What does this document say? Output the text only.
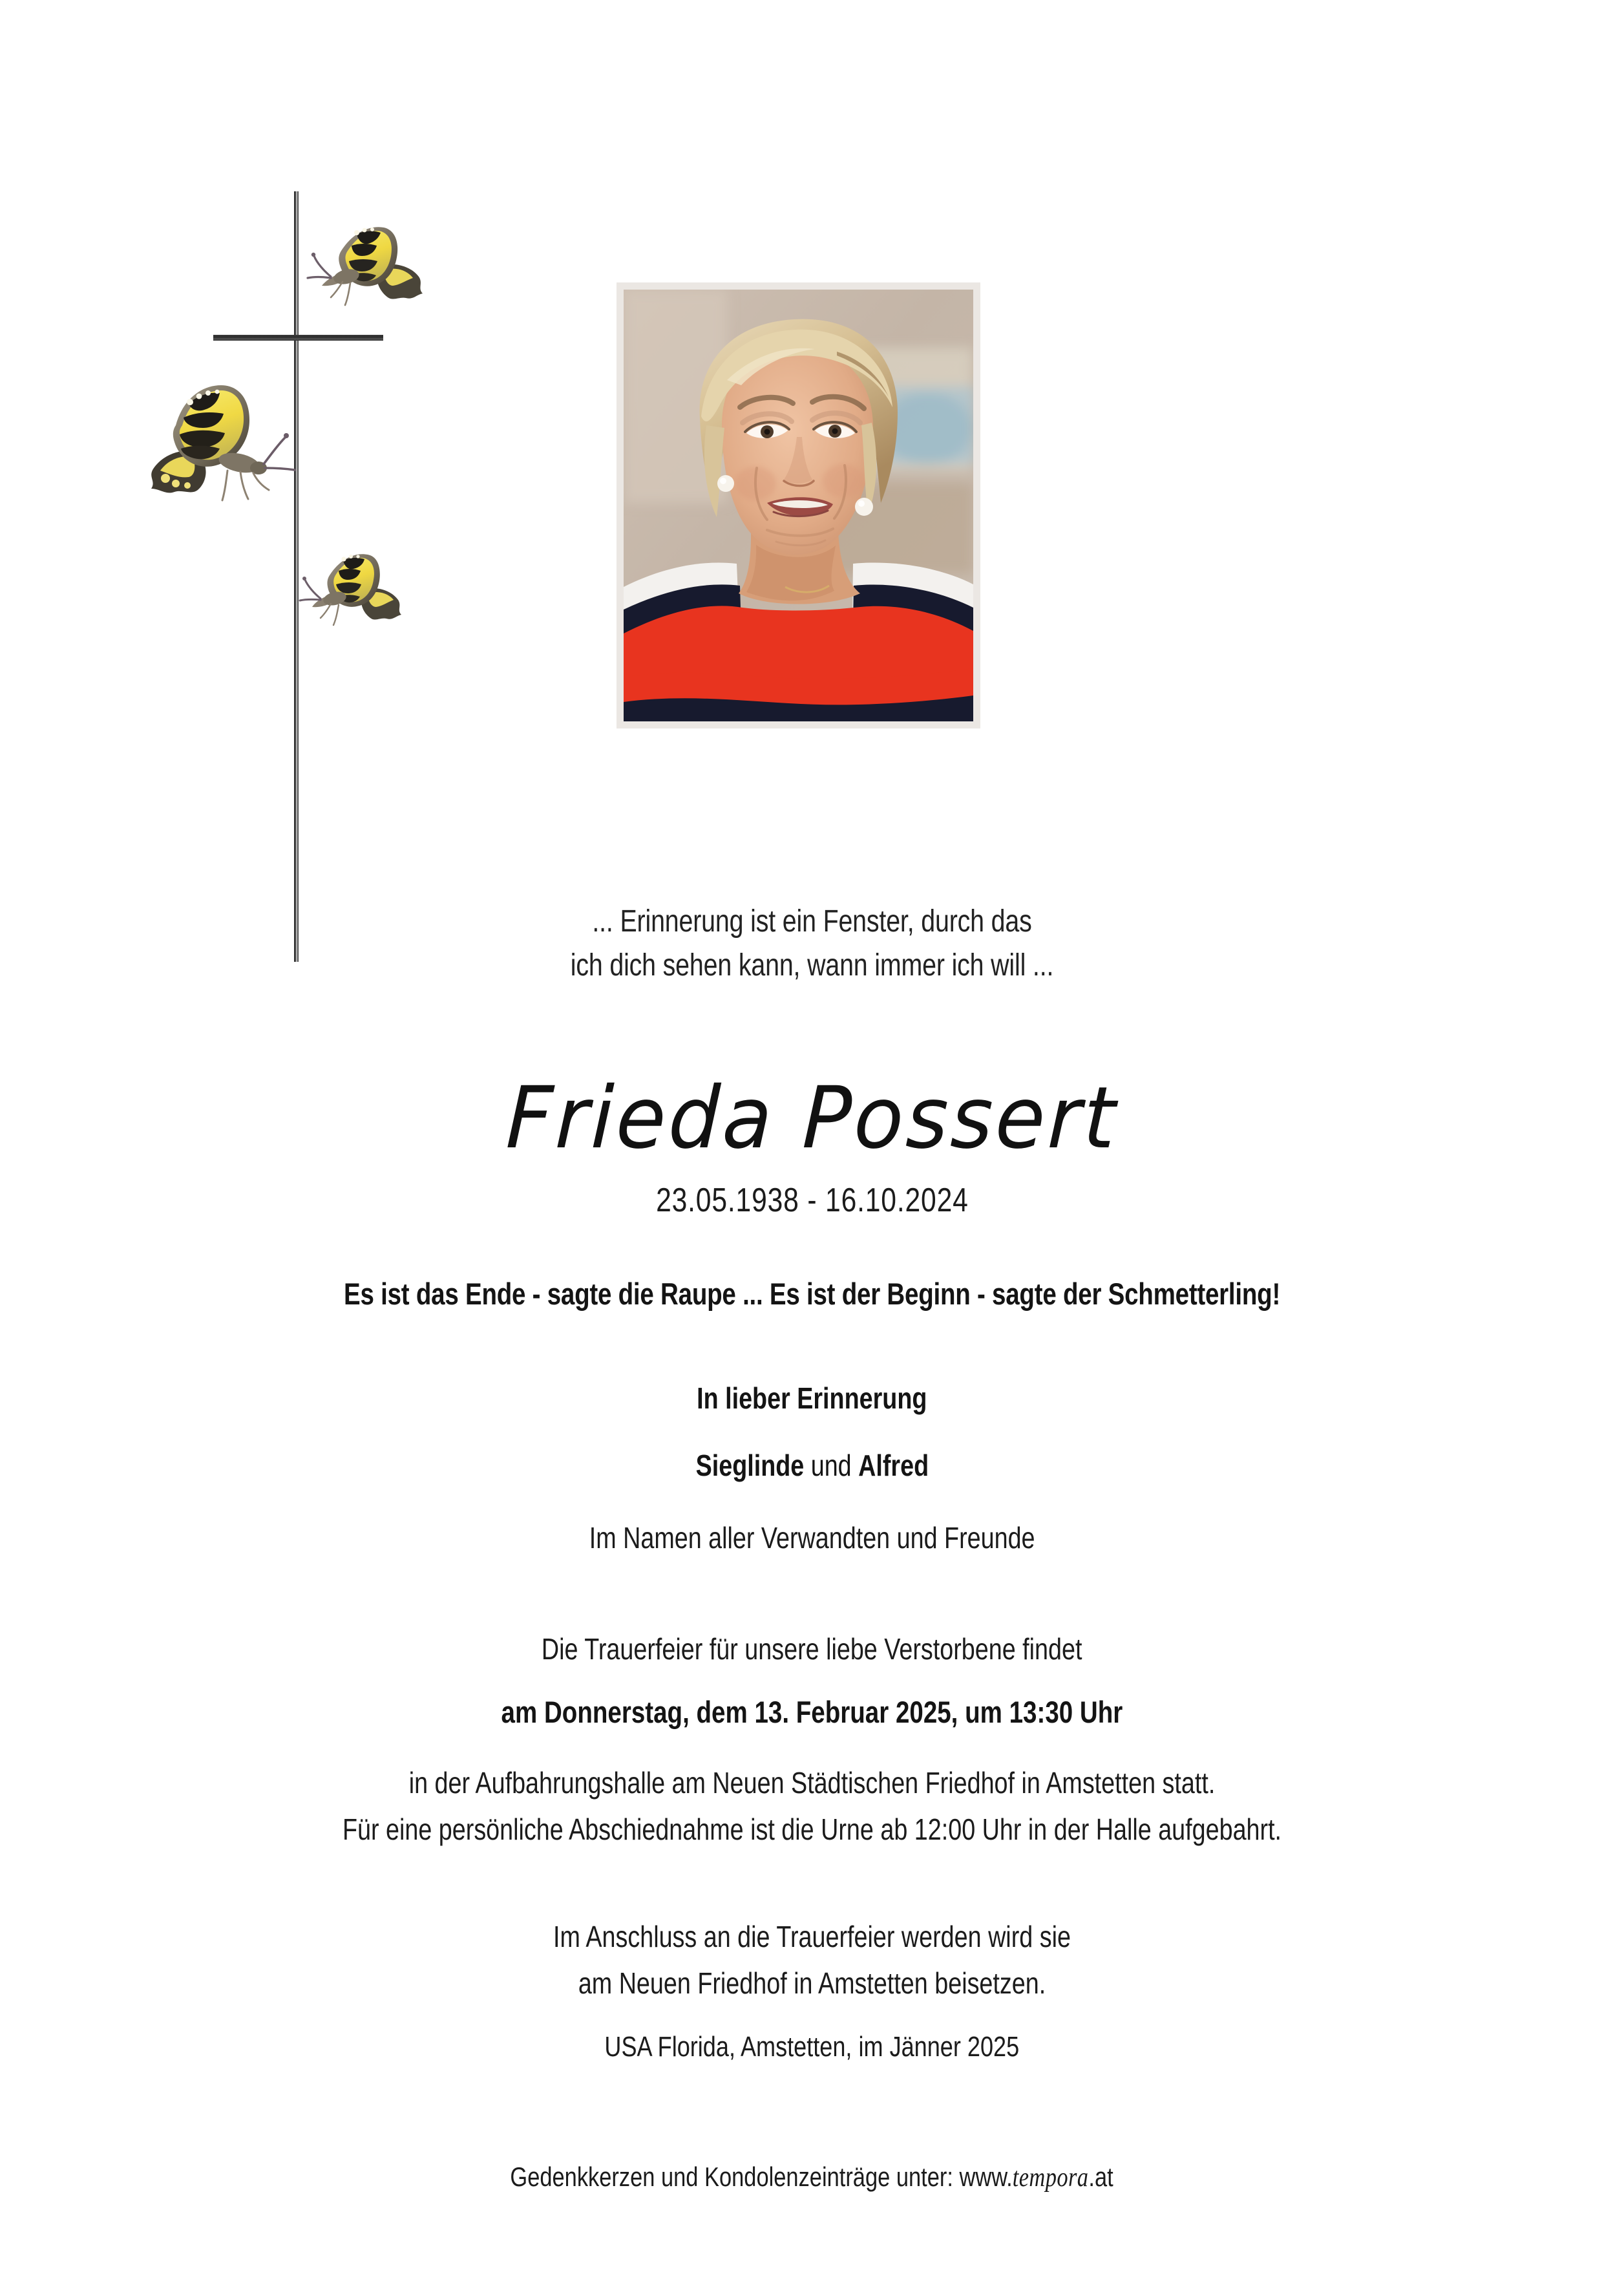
... Erinnerung ist ein Fenster, durch das
ich dich sehen kann, wann immer ich will ...
Frieda Possert
23.05.1938 - 16.10.2024
Es ist das Ende - sagte die Raupe ... Es ist der Beginn - sagte der Schmetterling!
In lieber Erinnerung
Sieglinde und Alfred
Im Namen aller Verwandten und Freunde
Die Trauerfeier für unsere liebe Verstorbene findet
am Donnerstag, dem 13. Februar 2025, um 13:30 Uhr
in der Aufbahrungshalle am Neuen Städtischen Friedhof in Amstetten statt.
Für eine persönliche Abschiednahme ist die Urne ab 12:00 Uhr in der Halle aufgebahrt.
Im Anschluss an die Trauerfeier werden wird sie
am Neuen Friedhof in Amstetten beisetzen.
USA Florida, Amstetten, im Jänner 2025
Gedenkkerzen und Kondolenzeinträge unter: www.tempora.at
